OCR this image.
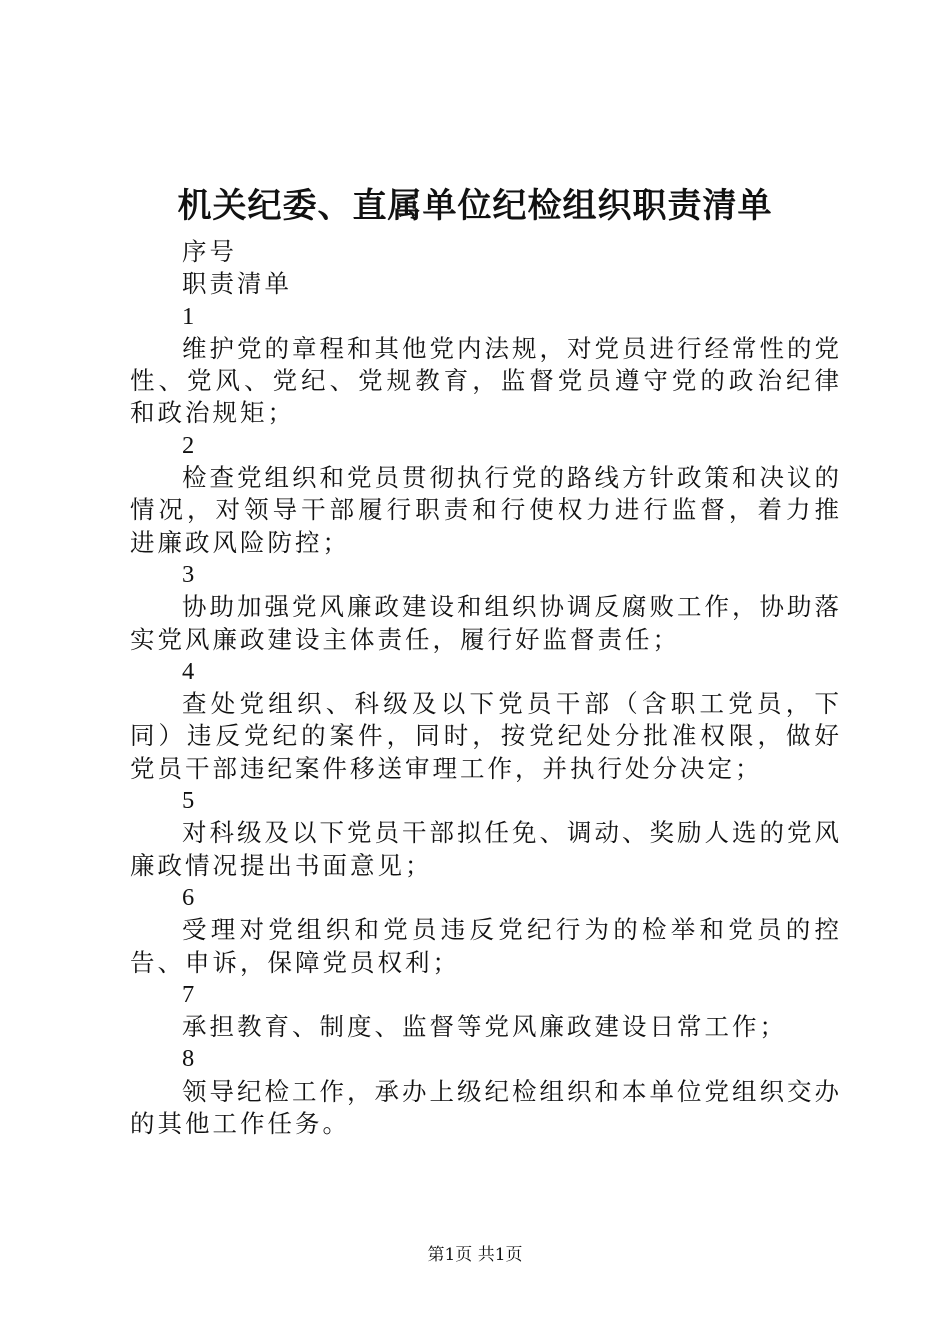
机关纪委、直属单位纪检组织职责清单

序号

职责清单

1

维护党的章程和其他党内法规，对党员进行经常性的党性、党风、党纪、党规教育，监督党员遵守党的政治纪律和政治规矩；

2

检查党组织和党员贯彻执行党的路线方针政策和决议的情况，对领导干部履行职责和行使权力进行监督，着力推进廉政风险防控；

3

协助加强党风廉政建设和组织协调反腐败工作，协助落实党风廉政建设主体责任，履行好监督责任；

4

查处党组织、科级及以下党员干部（含职工党员，下同）违反党纪的案件，同时，按党纪处分批准权限，做好党员干部违纪案件移送审理工作，并执行处分决定；

5

对科级及以下党员干部拟任免、调动、奖励人选的党风廉政情况提出书面意见；

6

受理对党组织和党员违反党纪行为的检举和党员的控告、申诉，保障党员权利；

7

承担教育、制度、监督等党风廉政建设日常工作；

8

领导纪检工作，承办上级纪检组织和本单位党组织交办的其他工作任务。

第1页 共1页
